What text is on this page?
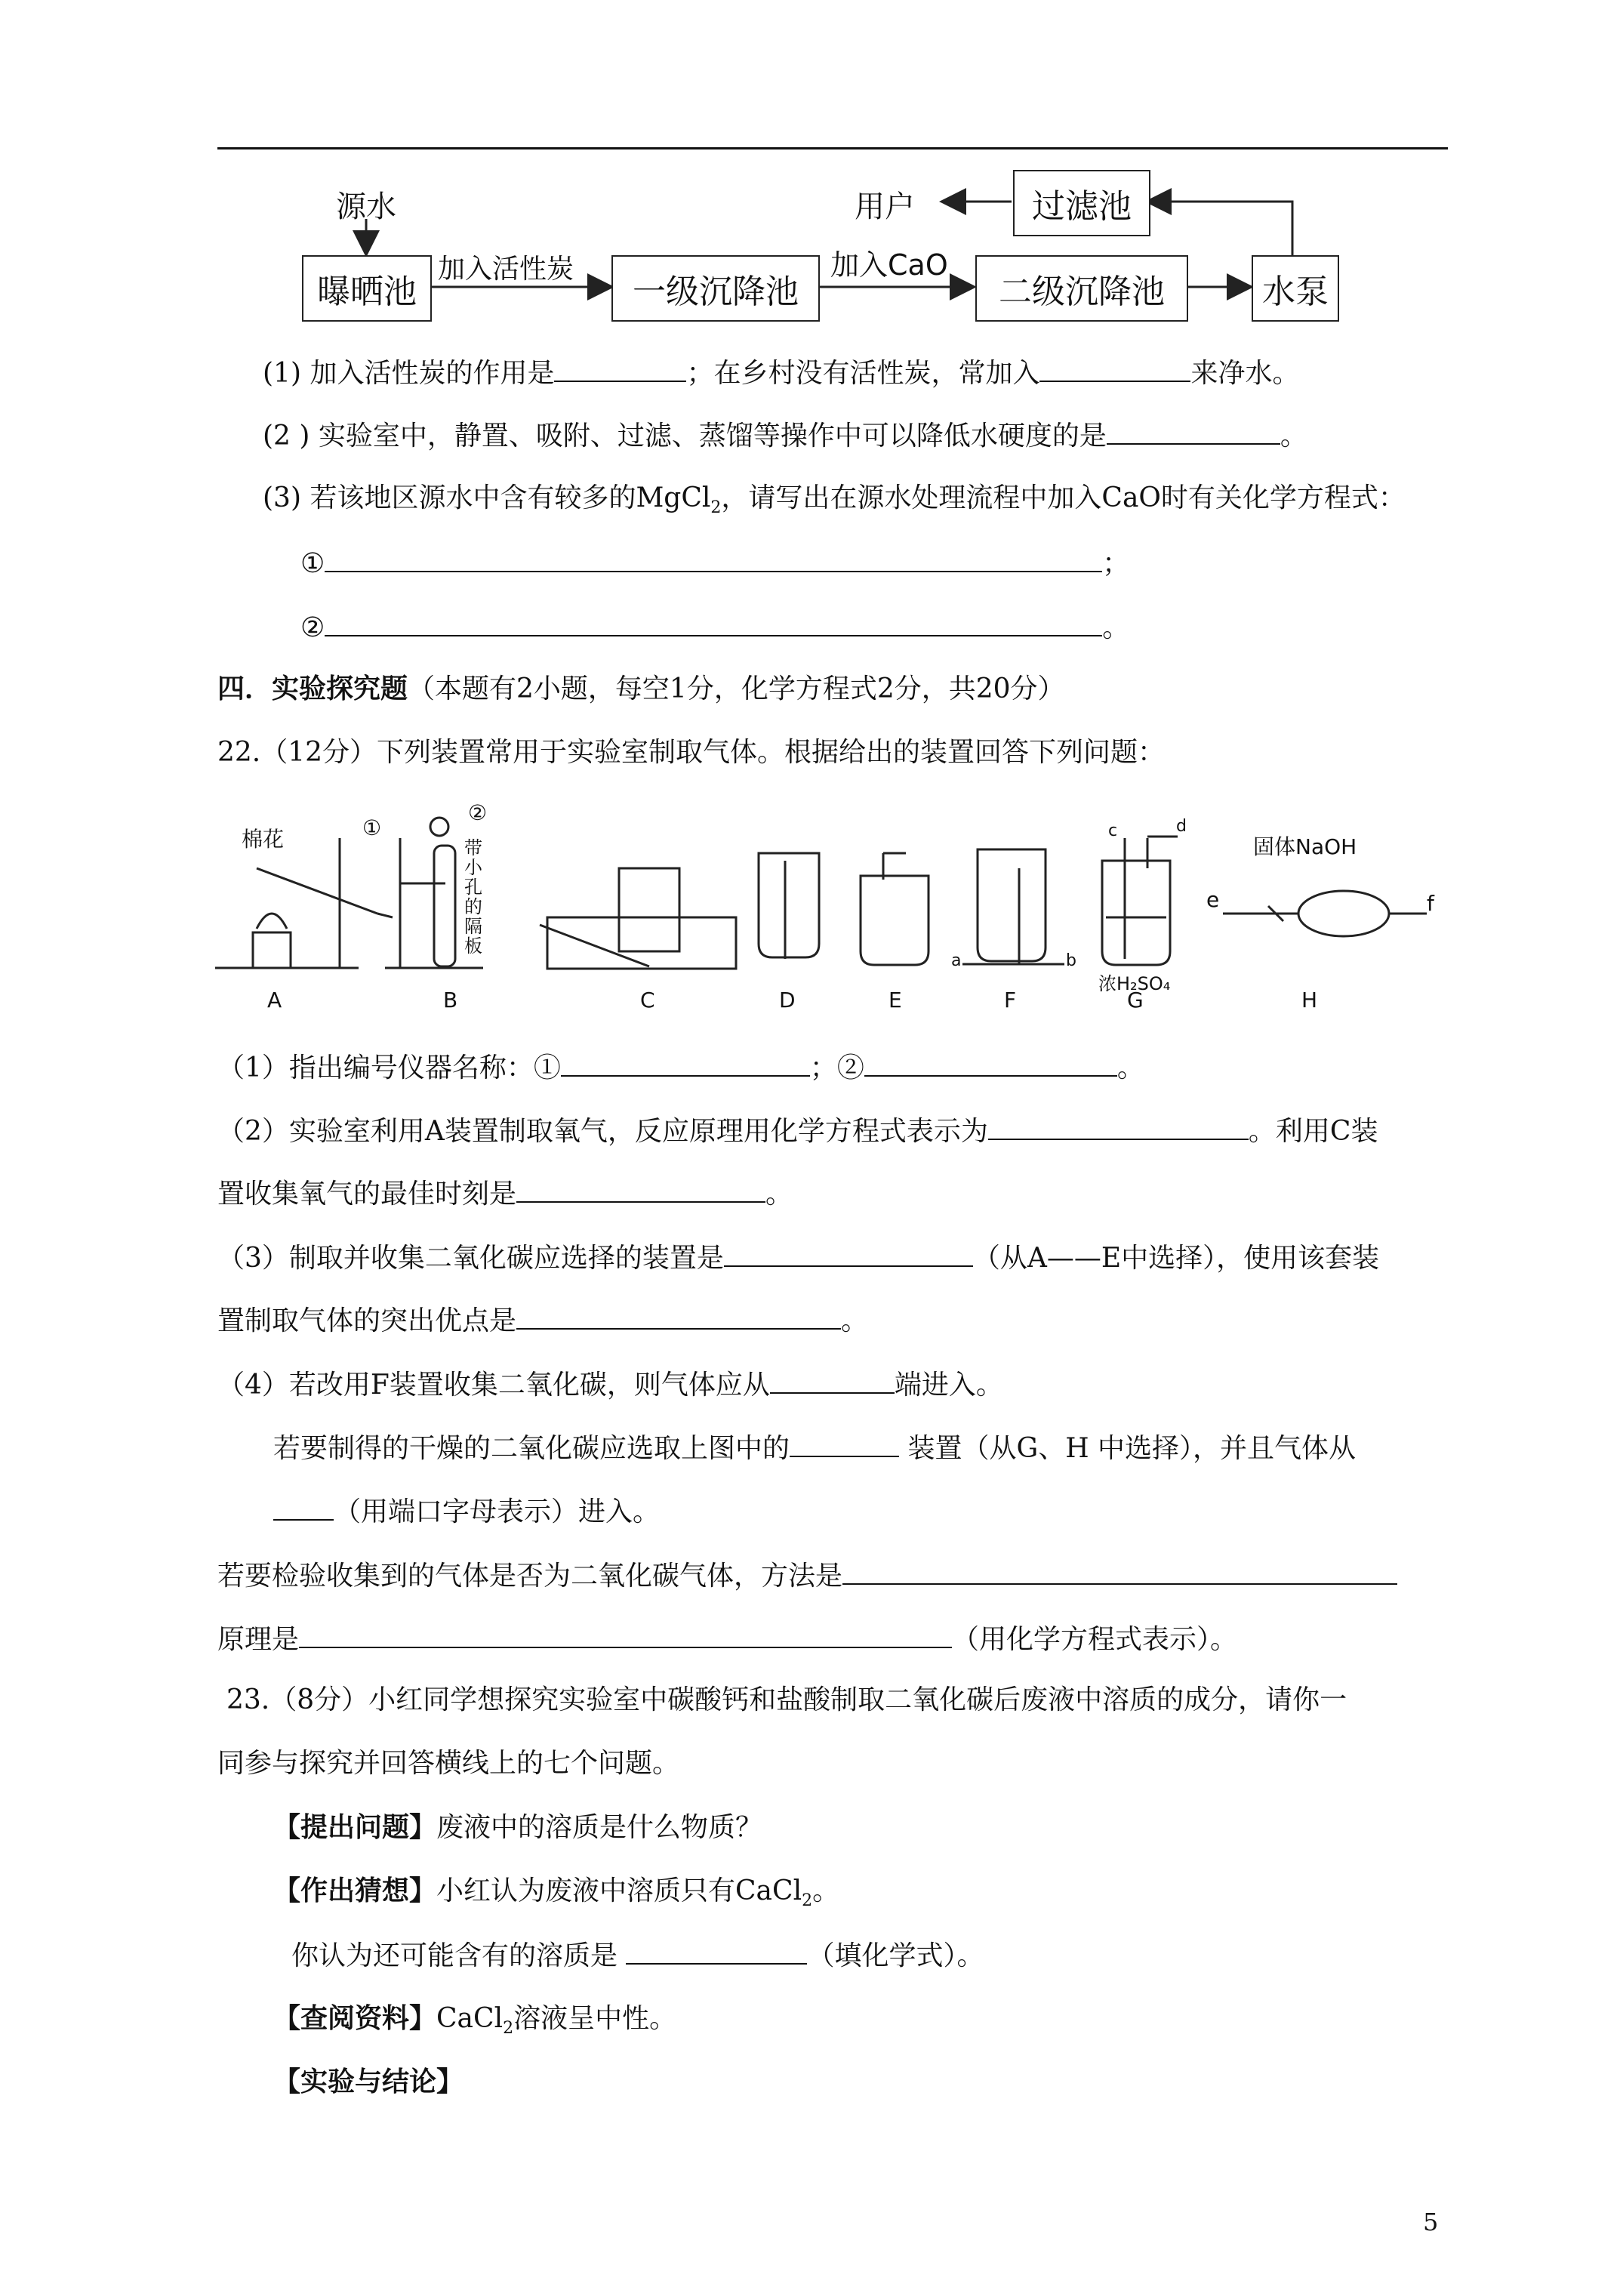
源水
曝晒池
加入活性炭
一级沉降池
加入CaO
二级沉降池	水泵
过滤池
用户
(1) 加入活性炭的作用是	；在乡村没有活性炭，常加入	来净水。
(2 ) 实验室中，静置、吸附、过滤、蒸馏等操作中可以降低水硬度的是	。
(3) 若该地区源水中含有较多的MgCl$_2$，请写出在源水处理流程中加入CaO时有关化学方程式：
①	；
②	。
四．实验探究题（本题有2小题，每空1分，化学方程式2分，共20分）
22.（12分）下列装置常用于实验室制取气体。根据给出的装置回答下列问题：
棉花	①
②
带小孔的隔板
固体NaOH
浓H₂SO₄
a	b
c	d
e	f
A	B	C	D	E	F	G	H
（1）指出编号仪器名称：①	；②	。
（2）实验室利用A装置制取氧气，反应原理用化学方程式表示为	。利用C装
置收集氧气的最佳时刻是	。
（3）制取并收集二氧化碳应选择的装置是	（从A——E中选择），使用该套装
置制取气体的突出优点是	。
（4）若改用F装置收集二氧化碳，则气体应从	端进入。
若要制得的干燥的二氧化碳应选取上图中的	装置（从G、H 中选择），并且气体从
（用端口字母表示）进入。
若要检验收集到的气体是否为二氧化碳气体，方法是
原理是	（用化学方程式表示）。
23.（8分）小红同学想探究实验室中碳酸钙和盐酸制取二氧化碳后废液中溶质的成分，请你一
同参与探究并回答横线上的七个问题。
【提出问题】废液中的溶质是什么物质？
【作出猜想】小红认为废液中溶质只有CaCl$_2$。
你认为还可能含有的溶质是	（填化学式）。
【查阅资料】CaCl$_2$溶液呈中性。
【实验与结论】
5
